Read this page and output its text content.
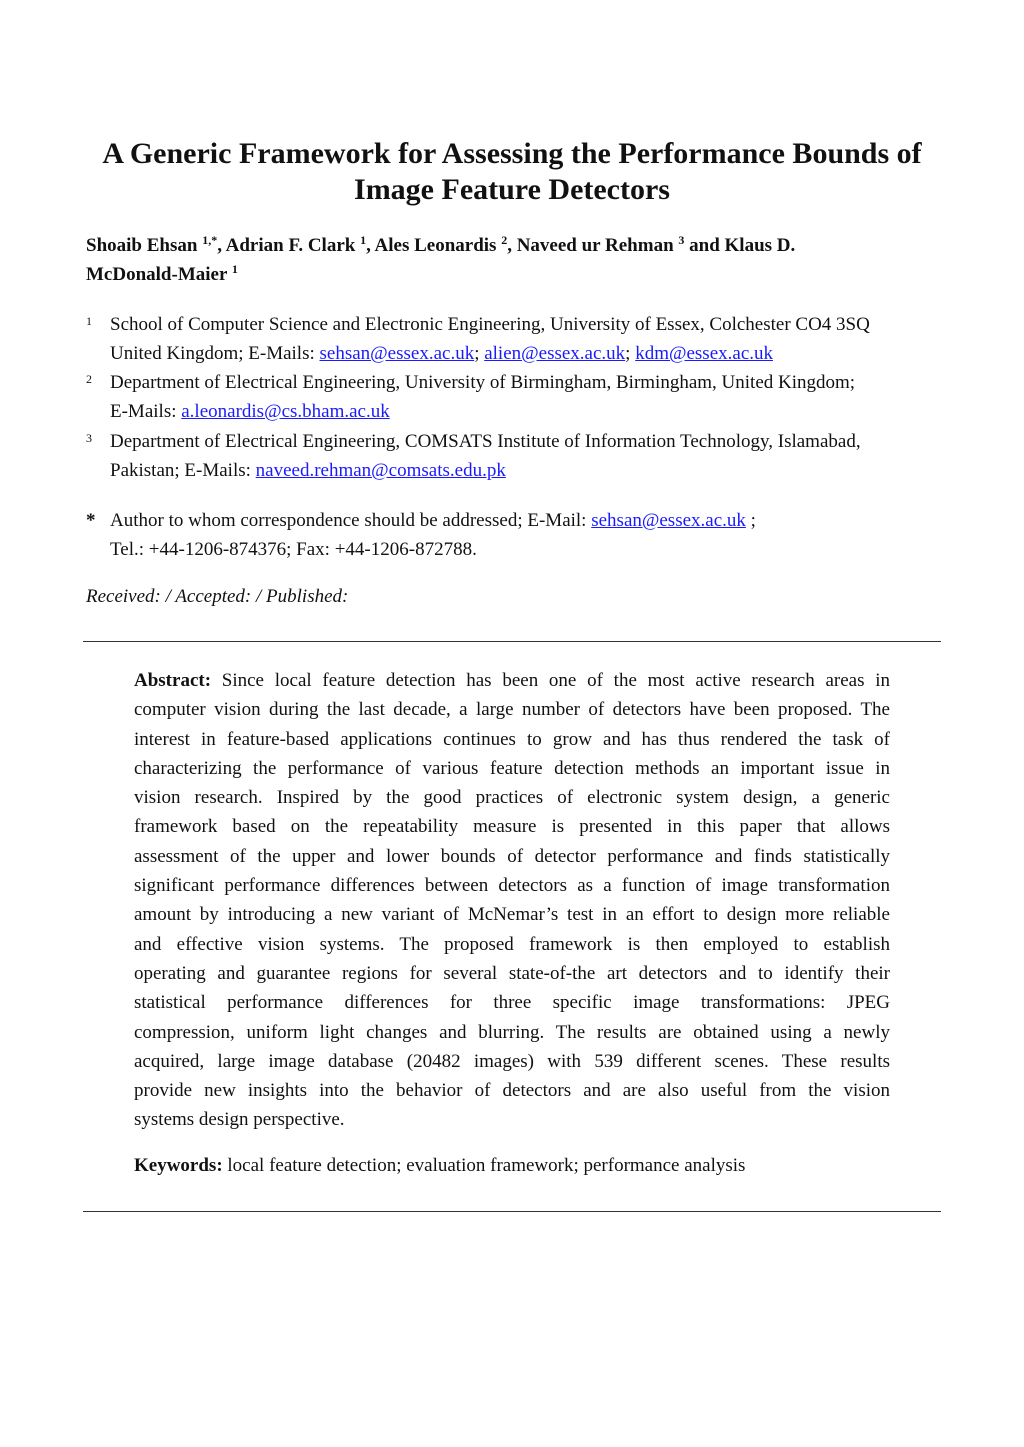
A Generic Framework for Assessing the Performance Bounds of
Image Feature Detectors
Shoaib Ehsan $^{1,*}$, Adrian F. Clark $^1$, Ales Leonardis $^2$, Naveed ur Rehman $^3$ and Klaus D.
McDonald-Maier $^1$
1 School of Computer Science and Electronic Engineering, University of Essex, Colchester CO4 3SQ
United Kingdom; E-Mails: sehsan@essex.ac.uk; alien@essex.ac.uk; kdm@essex.ac.uk
2 Department of Electrical Engineering, University of Birmingham, Birmingham, United Kingdom;
E-Mails: a.leonardis@cs.bham.ac.uk
3 Department of Electrical Engineering, COMSATS Institute of Information Technology, Islamabad,
Pakistan; E-Mails: naveed.rehman@comsats.edu.pk
* Author to whom correspondence should be addressed; E-Mail: sehsan@essex.ac.uk ;
Tel.: +44-1206-874376; Fax: +44-1206-872788.
Received: / Accepted: / Published:
Abstract: Since local feature detection has been one of the most active research areas in
computer vision during the last decade, a large number of detectors have been proposed. The
interest in feature-based applications continues to grow and has thus rendered the task of
characterizing the performance of various feature detection methods an important issue in
vision research. Inspired by the good practices of electronic system design, a generic
framework based on the repeatability measure is presented in this paper that allows
assessment of the upper and lower bounds of detector performance and finds statistically
significant performance differences between detectors as a function of image transformation
amount by introducing a new variant of McNemar’s test in an effort to design more reliable
and effective vision systems. The proposed framework is then employed to establish
operating and guarantee regions for several state-of-the art detectors and to identify their
statistical performance differences for three specific image transformations: JPEG
compression, uniform light changes and blurring. The results are obtained using a newly
acquired, large image database (20482 images) with 539 different scenes. These results
provide new insights into the behavior of detectors and are also useful from the vision
systems design perspective.
Keywords: local feature detection; evaluation framework; performance analysis
